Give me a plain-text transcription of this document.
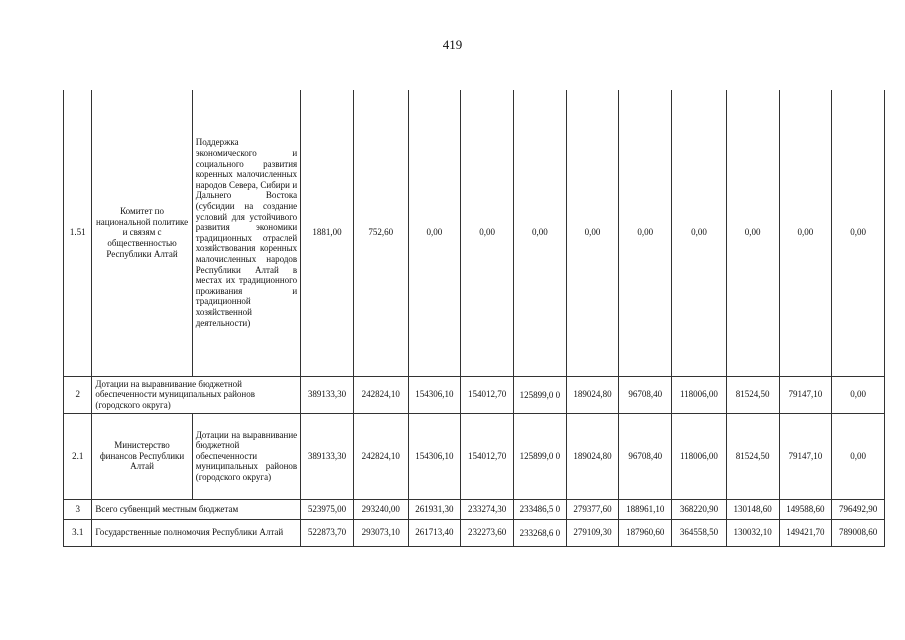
419
1.51	Комитет по национальной политике и связям с общественностью Республики Алтай	Поддержка экономического и социального развития коренных малочисленных народов Севера, Сибири и Дальнего Востока (субсидии на создание условий для устойчивого развития экономики традиционных отраслей хозяйствования коренных малочисленных народов Республики Алтай в местах их традиционного проживания и традиционной хозяйственной деятельности)	1881,00	752,60	0,00	0,00	0,00	0,00	0,00	0,00	0,00	0,00	0,00
2	Дотации на выравнивание бюджетной обеспеченности муниципальных районов (городского округа)		389133,30	242824,10	154306,10	154012,70	125899,0 0	189024,80	96708,40	118006,00	81524,50	79147,10	0,00
2.1	Министерство финансов Республики Алтай	Дотации на выравнивание бюджетной обеспеченности муниципальных районов (городского округа)	389133,30	242824,10	154306,10	154012,70	125899,0 0	189024,80	96708,40	118006,00	81524,50	79147,10	0,00
3	Всего субвенций местным бюджетам		523975,00	293240,00	261931,30	233274,30	233486,5 0	279377,60	188961,10	368220,90	130148,60	149588,60	796492,90
3.1	Государственные полномочия Республики Алтай		522873,70	293073,10	261713,40	232273,60	233268,6 0	279109,30	187960,60	364558,50	130032,10	149421,70	789008,60
